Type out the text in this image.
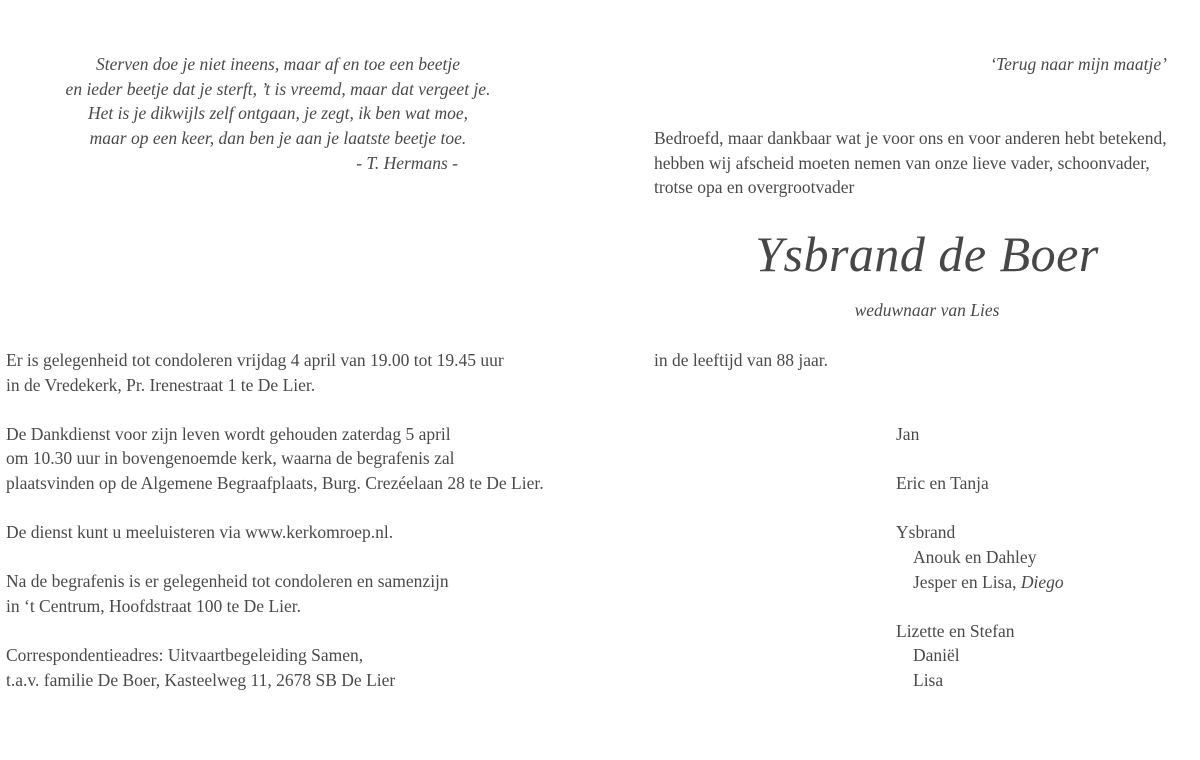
Sterven doe je niet ineens, maar af en toe een beetje
en ieder beetje dat je sterft, ’t is vreemd, maar dat vergeet je.
Het is je dikwijls zelf ontgaan, je zegt, ik ben wat moe,
maar op een keer, dan ben je aan je laatste beetje toe.
- T. Hermans -
‘Terug naar mijn maatje’
Bedroefd, maar dankbaar wat je voor ons en voor anderen hebt betekend,
hebben wij afscheid moeten nemen van onze lieve vader, schoonvader,
trotse opa en overgrootvader
Ysbrand de Boer
weduwnaar van Lies
in de leeftijd van 88 jaar.
Er is gelegenheid tot condoleren vrijdag 4 april van 19.00 tot 19.45 uur
in de Vredekerk, Pr. Irenestraat 1 te De Lier.
De Dankdienst voor zijn leven wordt gehouden zaterdag 5 april
om 10.30 uur in bovengenoemde kerk, waarna de begrafenis zal
plaatsvinden op de Algemene Begraafplaats, Burg. Crezéelaan 28 te De Lier.
De dienst kunt u meeluisteren via www.kerkomroep.nl.
Na de begrafenis is er gelegenheid tot condoleren en samenzijn
in ‘t Centrum, Hoofdstraat 100 te De Lier.
Correspondentieadres: Uitvaartbegeleiding Samen,
t.a.v. familie De Boer, Kasteelweg 11, 2678 SB De Lier
Jan
Eric en Tanja
Ysbrand
Anouk en Dahley
Jesper en Lisa, Diego
Lizette en Stefan
Daniël
Lisa
